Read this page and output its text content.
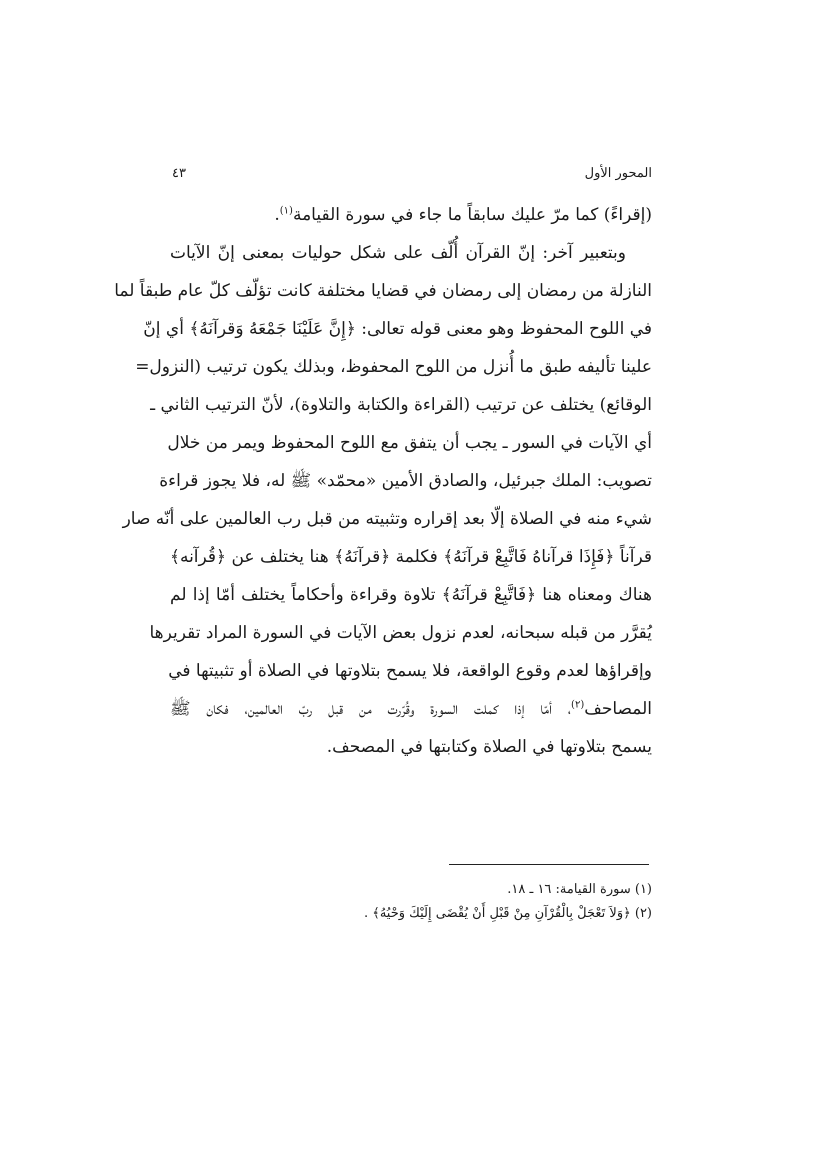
المحور الأول
٤٣
(إقراءً) كما مرّ عليك سابقاً ما جاء في سورة القيامة$^{(١)}$.
وبتعبير آخر: إنّ القرآن أُلّف على شكل حوليات بمعنى إنّ الآيات
النازلة من رمضان إلى رمضان في قضايا مختلفة كانت تؤلّف كلّ عام طبقاً لما
في اللوح المحفوظ وهو معنى قوله تعالى: ﴿إِنَّ عَلَيْنَا جَمْعَهُ وَقرآنَهُ﴾ أي إنّ
علينا تأليفه طبق ما أُنزل من اللوح المحفوظ، وبذلك يكون ترتيب (النزول=
الوقائع) يختلف عن ترتيب (القراءة والكتابة والتلاوة)، لأنّ الترتيب الثاني ـ
أي الآيات في السور ـ يجب أن يتفق مع اللوح المحفوظ ويمر من خلال
تصويب: الملك جبرئيل، والصادق الأمين «محمّد» ﷺ له، فلا يجوز قراءة
شيء منه في الصلاة إلّا بعد إقراره وتثبيته من قبل رب العالمين على أنّه صار
قرآناً ﴿فَإِذَا قرآناهُ فَاتَّبِعْ قرآنَهُ﴾ فكلمة ﴿قرآنَهُ﴾ هنا يختلف عن ﴿قُرآنه﴾
هناك ومعناه هنا ﴿فَاتَّبِعْ قرآنَهُ﴾ تلاوة وقراءة وأحكاماً يختلف أمّا إذا لم
يُقرَّر من قبله سبحانه، لعدم نزول بعض الآيات في السورة المراد تقريرها
وإقراؤها لعدم وقوع الواقعة، فلا يسمح بتلاوتها في الصلاة أو تثبيتها في
المصاحف$^{(٢)}$، أمّا إذا كملت السورة وقُرّرت من قبل ربّ العالمين، فكان ﷺ
يسمح بتلاوتها في الصلاة وكتابتها في المصحف.
(١) سورة القيامة: ١٦ ـ ١٨.
(٢) ﴿وَلاَ تَعْجَلْ بِالْقُرْآنِ مِنْ قَبْلِ أَنْ يُقْضَى إِلَيْكَ وَحْيُهُ﴾ .
